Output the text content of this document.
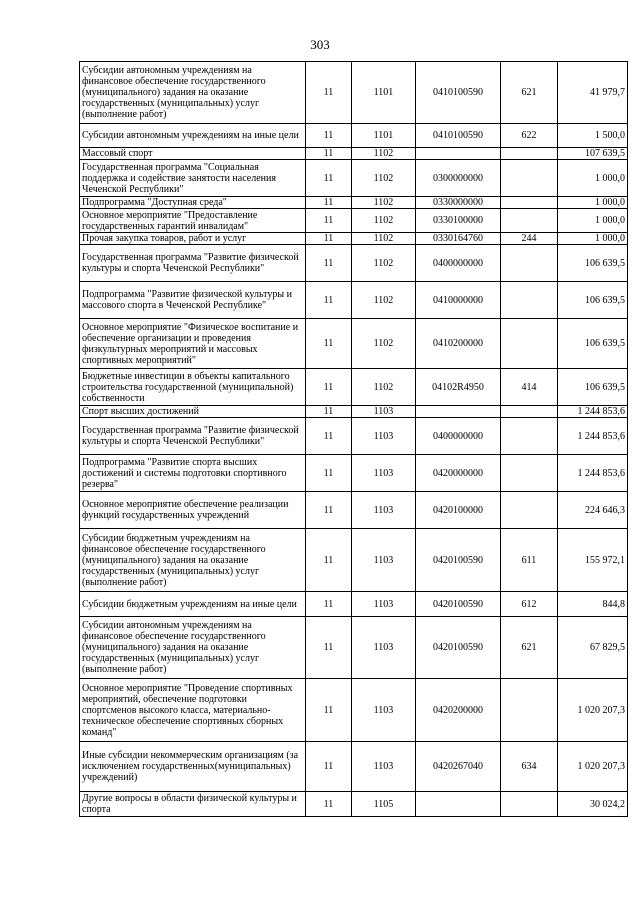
303
Субсидии автономным учреждениям на финансовое обеспечение государственного (муниципального) задания на оказание государственных (муниципальных) услуг (выполнение работ)	11	1101	0410100590	621	41 979,7
Субсидии автономным учреждениям на иные цели	11	1101	0410100590	622	1 500,0
Массовый спорт	11	1102			107 639,5
Государственная программа "Социальная поддержка и содействие занятости населения Чеченской Республики"	11	1102	0300000000		1 000,0
Подпрограмма "Доступная среда"	11	1102	0330000000		1 000,0
Основное мероприятие "Предоставление государственных гарантий инвалидам"	11	1102	0330100000		1 000,0
Прочая закупка товаров, работ и услуг	11	1102	0330164760	244	1 000,0
Государственная программа "Развитие физической культуры и спорта Чеченской Республики"	11	1102	0400000000		106 639,5
Подпрограмма "Развитие физической культуры и массового спорта в Чеченской Республике"	11	1102	0410000000		106 639,5
Основное мероприятие "Физическое воспитание и обеспечение организации и проведения физкультурных мероприятий и массовых спортивных мероприятий"	11	1102	0410200000		106 639,5
Бюджетные инвестиции в объекты капитального строительства государственной (муниципальной) собственности	11	1102	04102R4950	414	106 639,5
Спорт высших достижений	11	1103			1 244 853,6
Государственная программа "Развитие физической культуры и спорта Чеченской Республики"	11	1103	0400000000		1 244 853,6
Подпрограмма "Развитие спорта высших достижений и системы подготовки спортивного резерва"	11	1103	0420000000		1 244 853,6
Основное мероприятие обеспечение реализации функций государственных учреждений	11	1103	0420100000		224 646,3
Субсидии бюджетным учреждениям на финансовое обеспечение государственного (муниципального) задания на оказание государственных (муниципальных) услуг (выполнение работ)	11	1103	0420100590	611	155 972,1
Субсидии бюджетным учреждениям на иные цели	11	1103	0420100590	612	844,8
Субсидии автономным учреждениям на финансовое обеспечение государственного (муниципального) задания на оказание государственных (муниципальных) услуг (выполнение работ)	11	1103	0420100590	621	67 829,5
Основное мероприятие "Проведение спортивных мероприятий, обеспечение подготовки спортсменов высокого класса, материально-техническое обеспечение спортивных сборных команд"	11	1103	0420200000		1 020 207,3
Иные субсидии некоммерческим организациям (за исключением государственных(муниципальных) учреждений)	11	1103	0420267040	634	1 020 207,3
Другие вопросы в области физической культуры и спорта	11	1105			30 024,2
